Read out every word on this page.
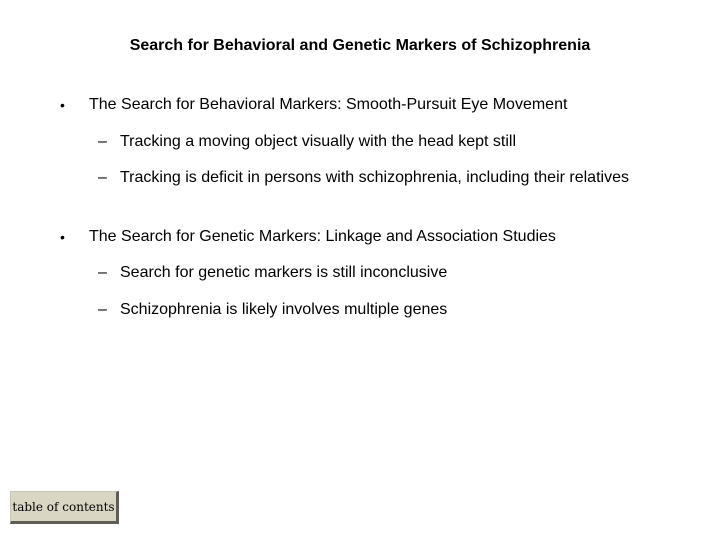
Search for Behavioral and Genetic Markers of Schizophrenia
• The Search for Behavioral Markers: Smooth-Pursuit Eye Movement
– Tracking a moving object visually with the head kept still
– Tracking is deficit in persons with schizophrenia, including their relatives
• The Search for Genetic Markers: Linkage and Association Studies
– Search for genetic markers is still inconclusive
– Schizophrenia is likely involves multiple genes
table of contents
